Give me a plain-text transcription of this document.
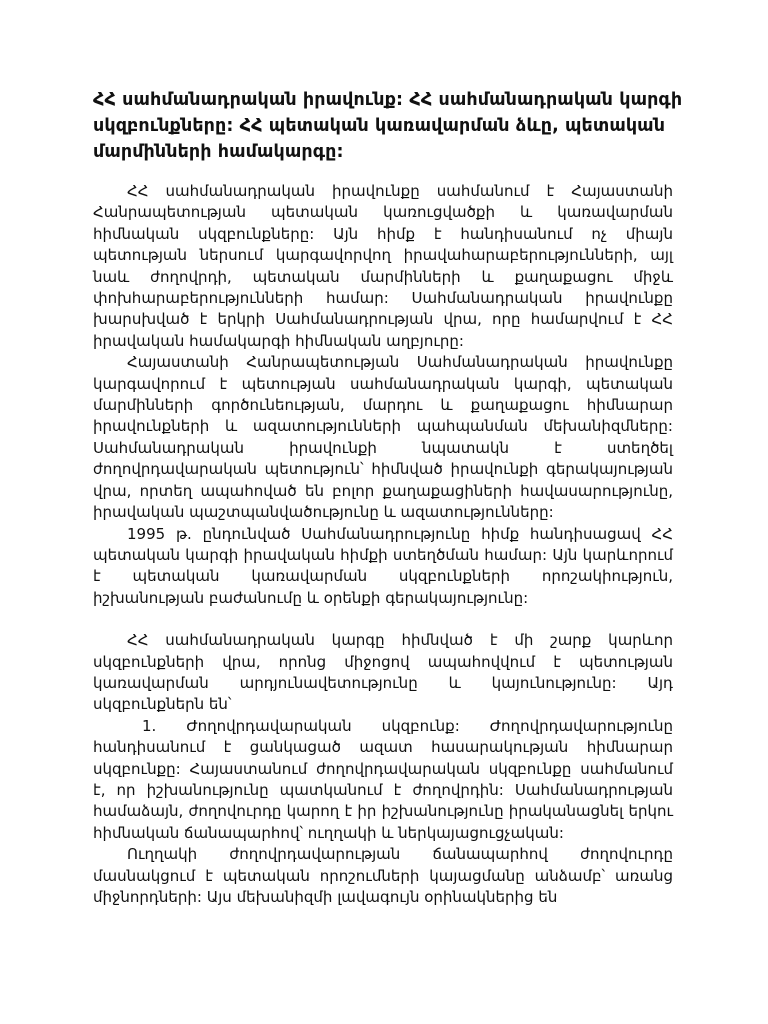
ՀՀ սահմանադրական իրավունք: ՀՀ սահմանադրական կարգի սկզբունքները: ՀՀ պետական կառավարման ձևը, պետական մարմինների համակարգը:

ՀՀ սահմանադրական իրավունքը սահմանում է Հայաստանի Հանրապետության պետական կառուցվածքի և կառավարման հիմնական սկզբունքները: Այն հիմք է հանդիսանում ոչ միայն պետության ներսում կարգավորվող իրավահարաբերությունների, այլ նաև ժողովրդի, պետական մարմինների և քաղաքացու միջև փոխհարաբերությունների համար: Սահմանադրական իրավունքը խարսխված է երկրի Սահմանադրության վրա, որը համարվում է ՀՀ իրավական համակարգի հիմնական աղբյուրը:

Հայաստանի Հանրապետության Սահմանադրական իրավունքը կարգավորում է պետության սահմանադրական կարգի, պետական մարմինների գործունեության, մարդու և քաղաքացու հիմնարար իրավունքների և ազատությունների պահպանման մեխանիզմները: Սահմանադրական իրավունքի նպատակն է ստեղծել ժողովրդավարական պետություն՝ հիմնված իրավունքի գերակայության վրա, որտեղ ապահոված են բոլոր քաղաքացիների հավասարությունը, իրավական պաշտպանվածությունը և ազատությունները:

1995 թ. ընդունված Սահմանադրությունը հիմք հանդիսացավ ՀՀ պետական կարգի իրավական հիմքի ստեղծման համար: Այն կարևորում է պետական կառավարման սկզբունքների որոշակիություն, իշխանության բաժանումը և օրենքի գերակայությունը:

ՀՀ սահմանադրական կարգը հիմնված է մի շարք կարևոր սկզբունքների վրա, որոնց միջոցով ապահովվում է պետության կառավարման արդյունավետությունը և կայունությունը: Այդ սկզբունքներն են՝

1. Ժողովրդավարական սկզբունք: Ժողովրդավարությունը հանդիսանում է ցանկացած ազատ հասարակության հիմնարար սկզբունքը: Հայաստանում ժողովրդավարական սկզբունքը սահմանում է, որ իշխանությունը պատկանում է ժողովրդին: Սահմանադրության համաձայն, ժողովուրդը կարող է իր իշխանությունը իրականացնել երկու հիմնական ճանապարհով՝ ուղղակի և ներկայացուցչական:

Ուղղակի ժողովրդավարության ճանապարհով ժողովուրդը մասնակցում է պետական որոշումների կայացմանը անձամբ՝ առանց միջնորդների: Այս մեխանիզմի լավագույն օրինակներից են
